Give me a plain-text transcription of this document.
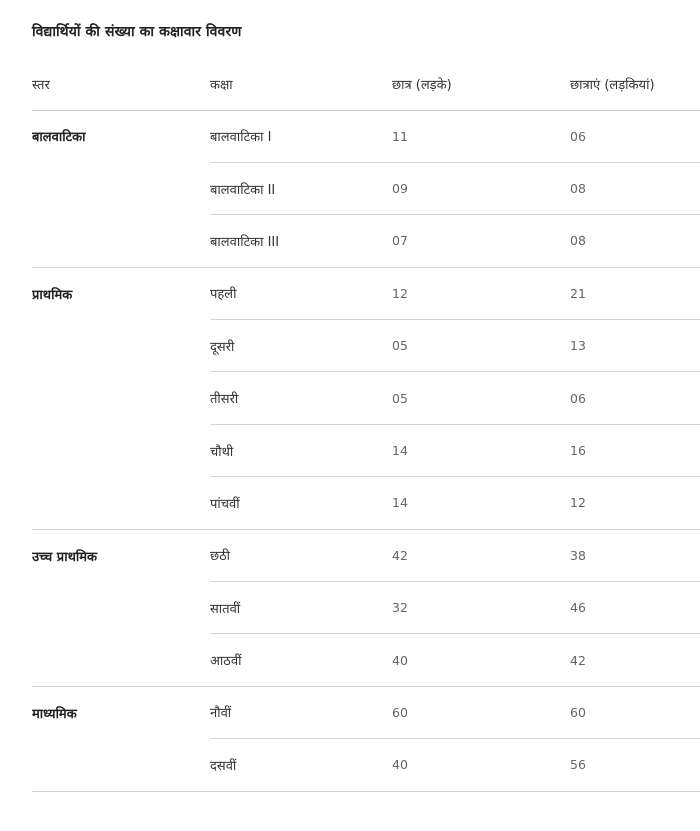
विद्यार्थियों की संख्या का कक्षावार विवरण
स्तर	कक्षा	छात्र (लड़के)	छात्राएं (लड़कियां)
बालवाटिका	बालवाटिका I	11	06
	बालवाटिका II	09	08
	बालवाटिका III	07	08
प्राथमिक	पहली	12	21
	दूसरी	05	13
	तीसरी	05	06
	चौथी	14	16
	पांचवीं	14	12
उच्च प्राथमिक	छठी	42	38
	सातवीं	32	46
	आठवीं	40	42
माध्यमिक	नौवीं	60	60
	दसवीं	40	56
